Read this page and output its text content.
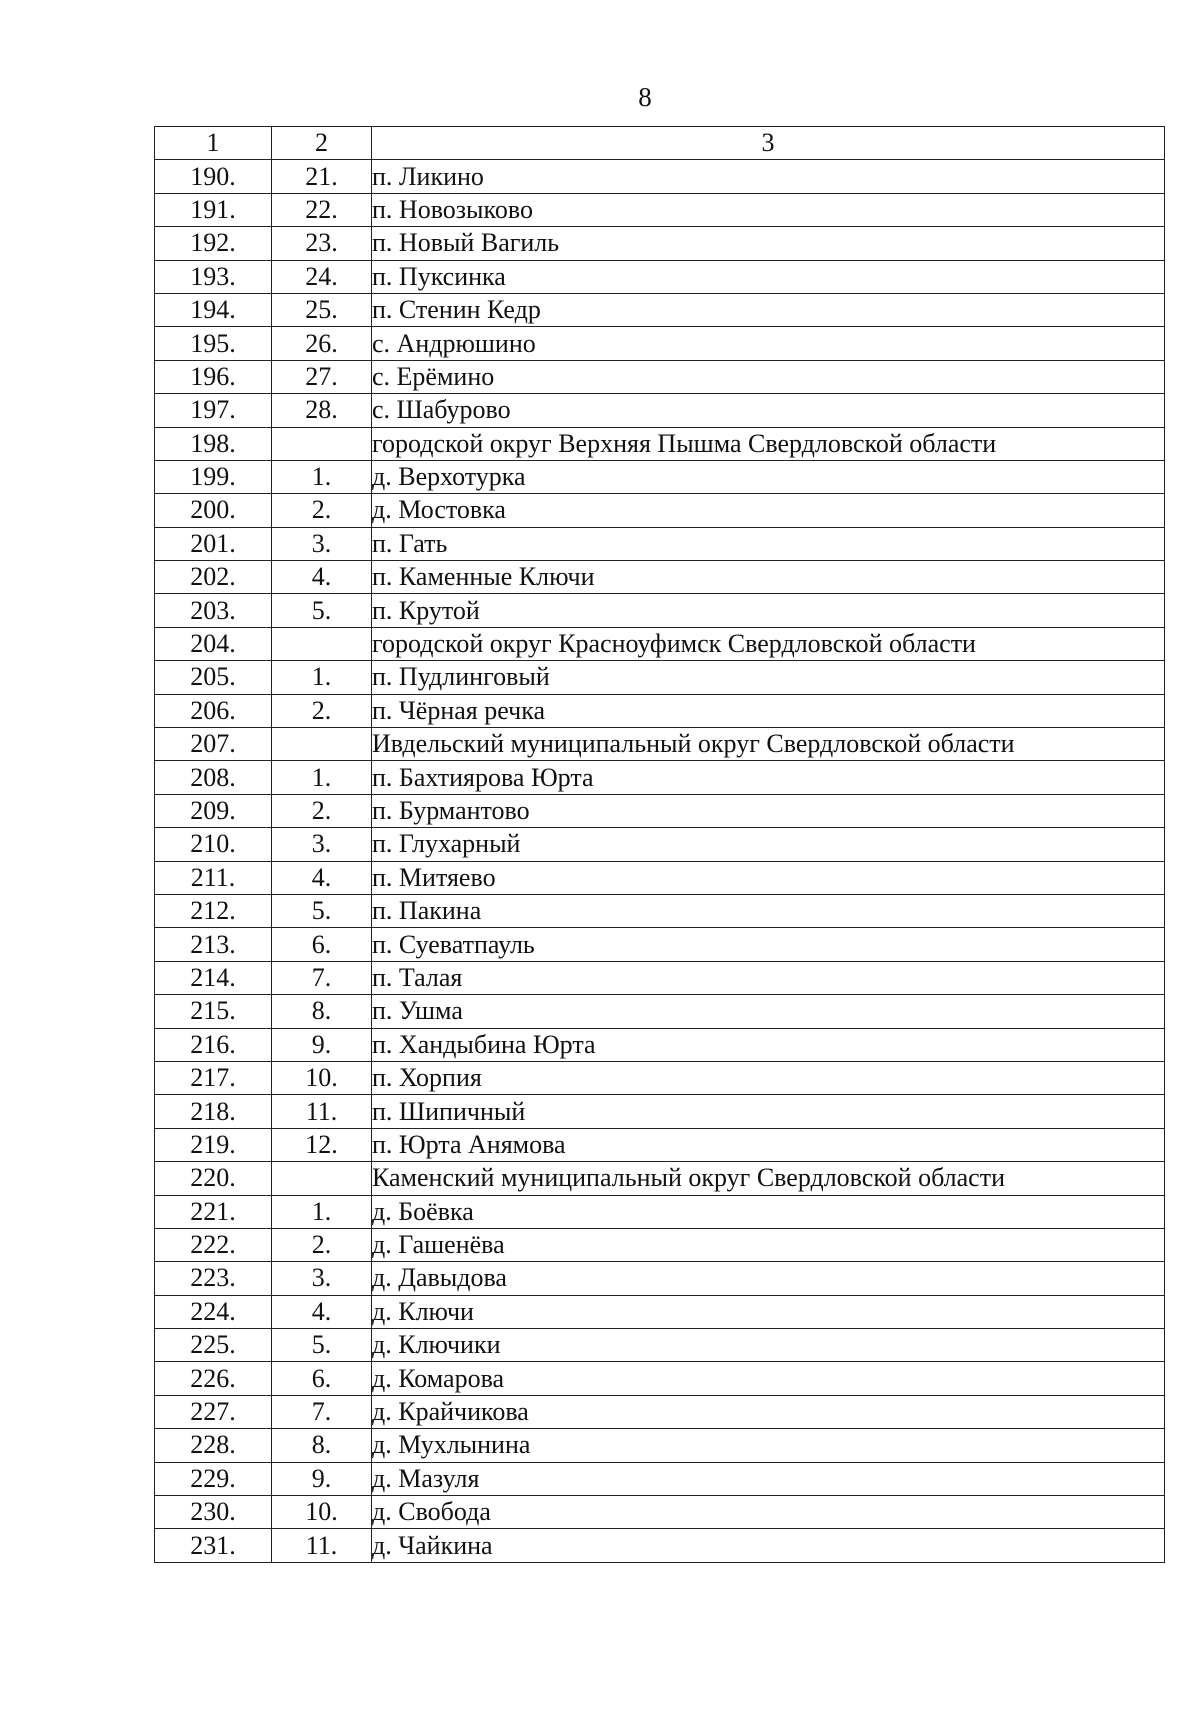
8
1	2	3
190.	21.	п. Ликино
191.	22.	п. Новозыково
192.	23.	п. Новый Вагиль
193.	24.	п. Пуксинка
194.	25.	п. Стенин Кедр
195.	26.	с. Андрюшино
196.	27.	с. Ерёмино
197.	28.	с. Шабурово
198.		городской округ Верхняя Пышма Свердловской области
199.	1.	д. Верхотурка
200.	2.	д. Мостовка
201.	3.	п. Гать
202.	4.	п. Каменные Ключи
203.	5.	п. Крутой
204.		городской округ Красноуфимск Свердловской области
205.	1.	п. Пудлинговый
206.	2.	п. Чёрная речка
207.		Ивдельский муниципальный округ Свердловской области
208.	1.	п. Бахтиярова Юрта
209.	2.	п. Бурмантово
210.	3.	п. Глухарный
211.	4.	п. Митяево
212.	5.	п. Пакина
213.	6.	п. Суеватпауль
214.	7.	п. Талая
215.	8.	п. Ушма
216.	9.	п. Хандыбина Юрта
217.	10.	п. Хорпия
218.	11.	п. Шипичный
219.	12.	п. Юрта Анямова
220.		Каменский муниципальный округ Свердловской области
221.	1.	д. Боёвка
222.	2.	д. Гашенёва
223.	3.	д. Давыдова
224.	4.	д. Ключи
225.	5.	д. Ключики
226.	6.	д. Комарова
227.	7.	д. Крайчикова
228.	8.	д. Мухлынина
229.	9.	д. Мазуля
230.	10.	д. Свобода
231.	11.	д. Чайкина
